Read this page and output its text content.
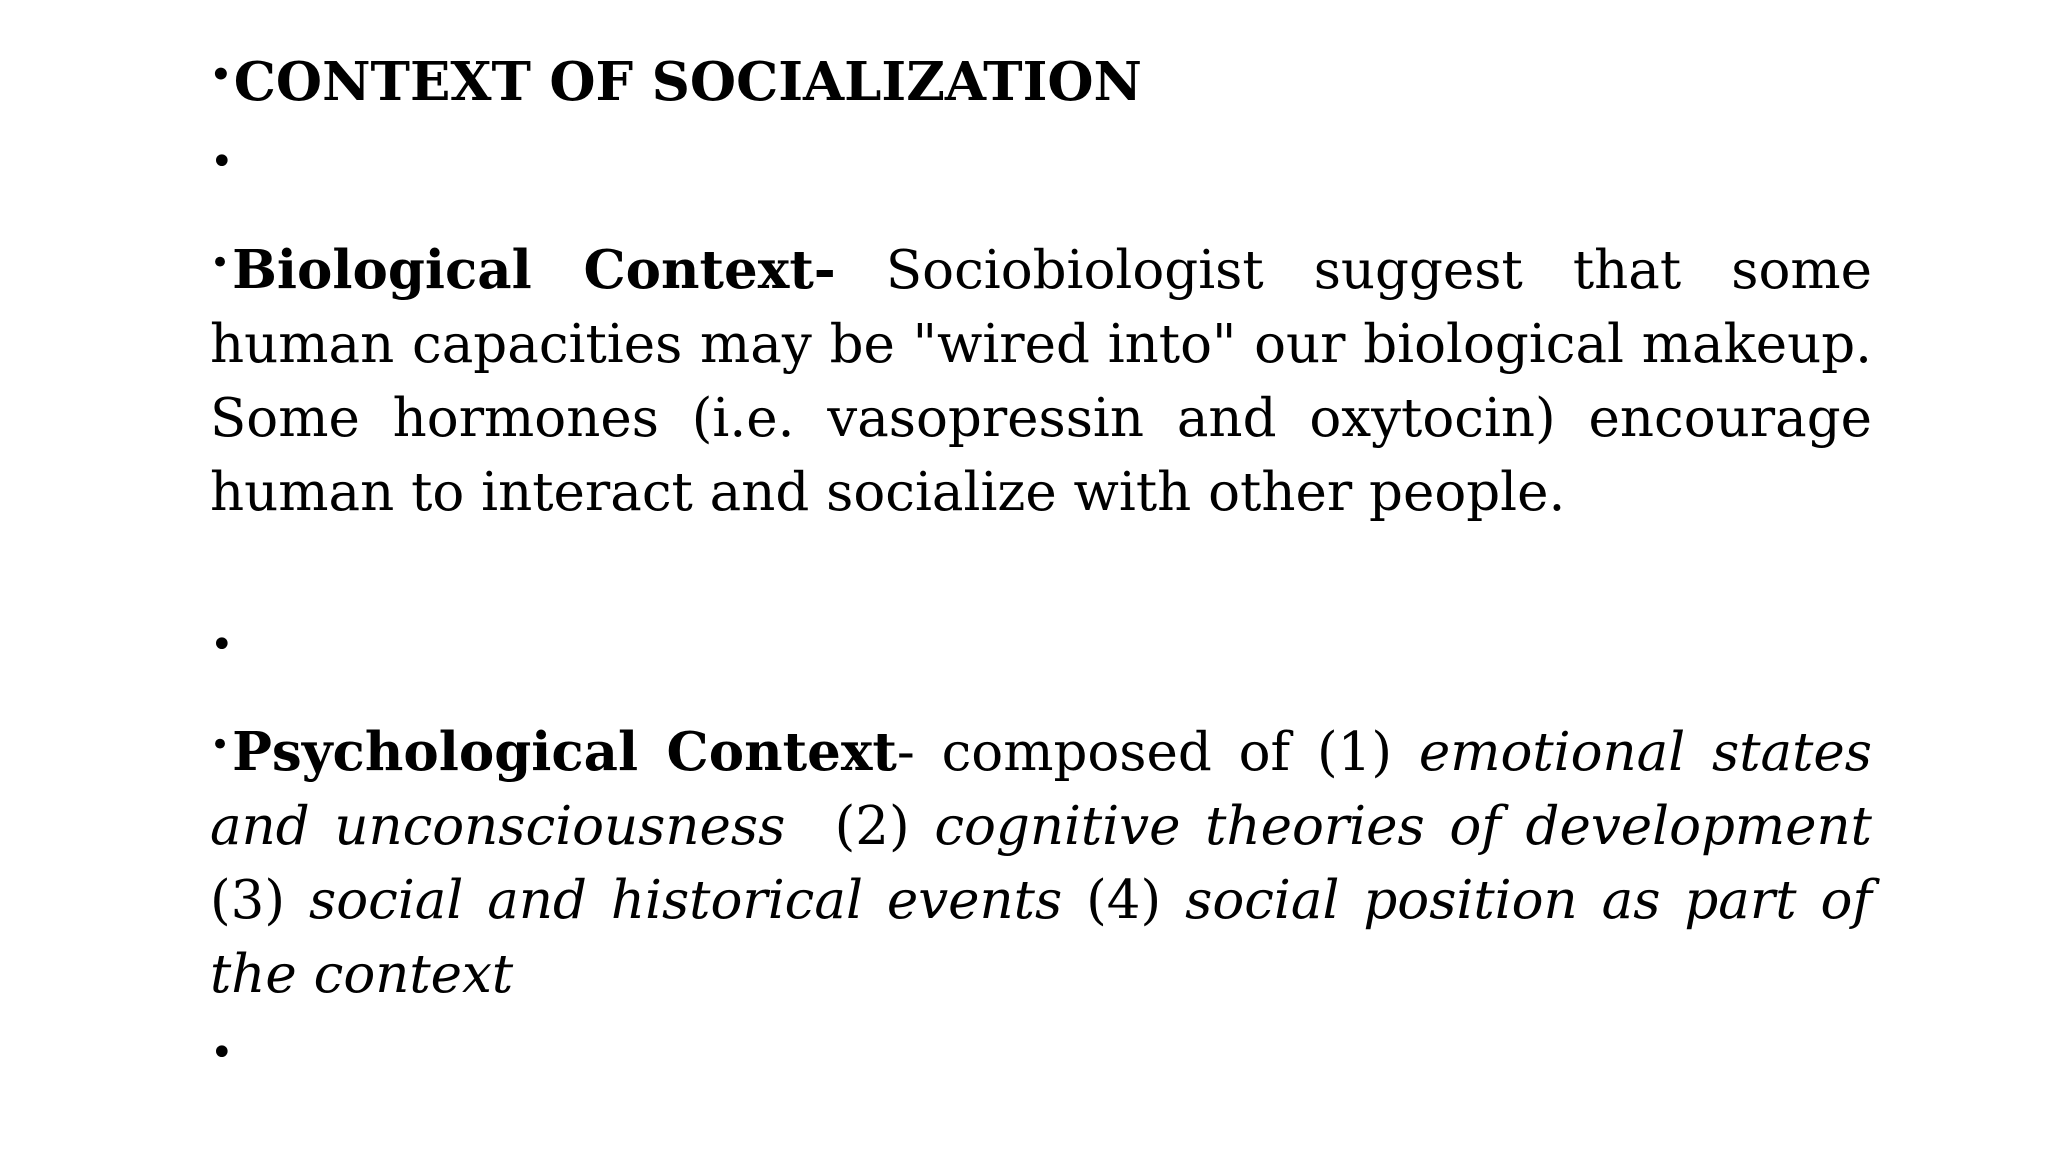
•CONTEXT OF SOCIALIZATION
•
•Biological Context- Sociobiologist suggest that some human capacities may be "wired into" our biological makeup. Some hormones (i.e. vasopressin and oxytocin) encourage human to interact and socialize with other people.
•
•Psychological Context- composed of (1) emotional states and unconsciousness  (2) cognitive theories of development (3) social and historical events (4) social position as part of the context
•
